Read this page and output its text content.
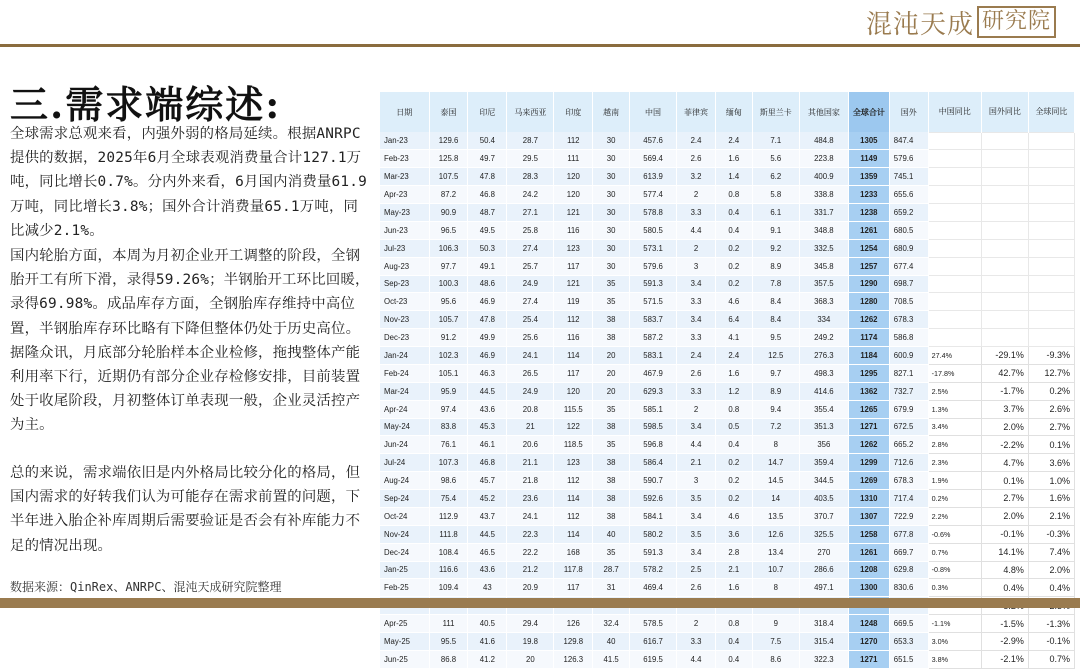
混沌天成 研究院
三.需求端综述:
全球需求总观来看，内强外弱的格局延续。根据ANRPC提供的数据，2025年6月全球表观消费量合计127.1万吨，同比增长0.7%。分内外来看，6月国内消费量61.9万吨，同比增长3.8%；国外合计消费量65.1万吨，同比减少2.1%。
国内轮胎方面，本周为月初企业开工调整的阶段，全钢胎开工有所下滑，录得59.26%；半钢胎开工环比回暖，录得69.98%。成品库存方面，全钢胎库存维持中高位置，半钢胎库存环比略有下降但整体仍处于历史高位。据隆众讯，月底部分轮胎样本企业检修，拖拽整体产能利用率下行，近期仍有部分企业存检修安排，目前装置处于收尾阶段，月初整体订单表现一般，企业灵活控产为主。
总的来说，需求端依旧是内外格局比较分化的格局，但国内需求的好转我们认为可能存在需求前置的问题，下半年进入胎企补库周期后需要验证是否会有补库能力不足的情况出现。
日期	泰国	印尼	马来西亚	印度	越南	中国	菲律宾	缅甸	斯里兰卡	其他国家	全球合计	国外	中国同比	国外同比	全球同比
Jan-23	129.6	50.4	28.7	112	30	457.6	2.4	2.4	7.1	484.8	1305	847.4			
Feb-23	125.8	49.7	29.5	111	30	569.4	2.6	1.6	5.6	223.8	1149	579.6			
Mar-23	107.5	47.8	28.3	120	30	613.9	3.2	1.4	6.2	400.9	1359	745.1			
Apr-23	87.2	46.8	24.2	120	30	577.4	2	0.8	5.8	338.8	1233	655.6			
May-23	90.9	48.7	27.1	121	30	578.8	3.3	0.4	6.1	331.7	1238	659.2			
Jun-23	96.5	49.5	25.8	116	30	580.5	4.4	0.4	9.1	348.8	1261	680.5			
Jul-23	106.3	50.3	27.4	123	30	573.1	2	0.2	9.2	332.5	1254	680.9			
Aug-23	97.7	49.1	25.7	117	30	579.6	3	0.2	8.9	345.8	1257	677.4			
Sep-23	100.3	48.6	24.9	121	35	591.3	3.4	0.2	7.8	357.5	1290	698.7			
Oct-23	95.6	46.9	27.4	119	35	571.5	3.3	4.6	8.4	368.3	1280	708.5			
Nov-23	105.7	47.8	25.4	112	38	583.7	3.4	6.4	8.4	334	1262	678.3			
Dec-23	91.2	49.9	25.6	116	38	587.2	3.3	4.1	9.5	249.2	1174	586.8			
Jan-24	102.3	46.9	24.1	114	20	583.1	2.4	2.4	12.5	276.3	1184	600.9	27.4%	-29.1%	-9.3%
Feb-24	105.1	46.3	26.5	117	20	467.9	2.6	1.6	9.7	498.3	1295	827.1	-17.8%	42.7%	12.7%
Mar-24	95.9	44.5	24.9	120	20	629.3	3.3	1.2	8.9	414.6	1362	732.7	2.5%	-1.7%	0.2%
Apr-24	97.4	43.6	20.8	115.5	35	585.1	2	0.8	9.4	355.4	1265	679.9	1.3%	3.7%	2.6%
May-24	83.8	45.3	21	122	38	598.5	3.4	0.5	7.2	351.3	1271	672.5	3.4%	2.0%	2.7%
Jun-24	76.1	46.1	20.6	118.5	35	596.8	4.4	0.4	8	356	1262	665.2	2.8%	-2.2%	0.1%
Jul-24	107.3	46.8	21.1	123	38	586.4	2.1	0.2	14.7	359.4	1299	712.6	2.3%	4.7%	3.6%
Aug-24	98.6	45.7	21.8	112	38	590.7	3	0.2	14.5	344.5	1269	678.3	1.9%	0.1%	1.0%
Sep-24	75.4	45.2	23.6	114	38	592.6	3.5	0.2	14	403.5	1310	717.4	0.2%	2.7%	1.6%
Oct-24	112.9	43.7	24.1	112	38	584.1	3.4	4.6	13.5	370.7	1307	722.9	2.2%	2.0%	2.1%
Nov-24	111.8	44.5	22.3	114	40	580.2	3.5	3.6	12.6	325.5	1258	677.8	-0.6%	-0.1%	-0.3%
Dec-24	108.4	46.5	22.2	168	35	591.3	3.4	2.8	13.4	270	1261	669.7	0.7%	14.1%	7.4%
Jan-25	116.6	43.6	21.2	117.8	28.7	578.2	2.5	2.1	10.7	286.6	1208	629.8	-0.8%	4.8%	2.0%
Feb-25	109.4	43	20.9	117	31	469.4	2.6	1.6	8	497.1	1300	830.6	0.3%	0.4%	0.4%

Apr-25	111	40.5	29.4	126	32.4	578.5	2	0.8	9	318.4	1248	669.5	-1.1%	-1.5%	-1.3%
May-25	95.5	41.6	19.8	129.8	40	616.7	3.3	0.4	7.5	315.4	1270	653.3	3.0%	-2.9%	-0.1%
Jun-25	86.8	41.2	20	126.3	41.5	619.5	4.4	0.4	8.6	322.3	1271	651.5	3.8%	-2.1%	0.7%
数据来源：QinRex、ANRPC、混沌天成研究院整理
